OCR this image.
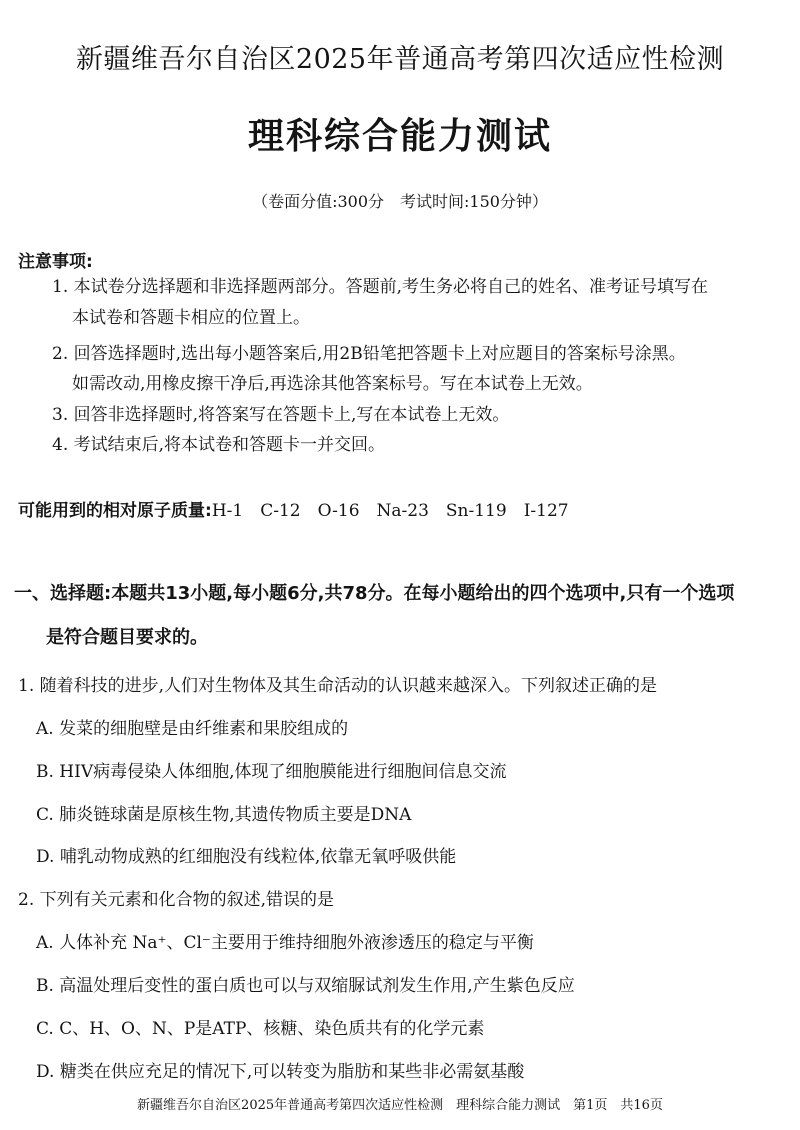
新疆维吾尔自治区2025年普通高考第四次适应性检测
理科综合能力测试
（卷面分值:300分　考试时间:150分钟）
注意事项:
1. 本试卷分选择题和非选择题两部分。答题前,考生务必将自己的姓名、准考证号填写在
本试卷和答题卡相应的位置上。
2. 回答选择题时,选出每小题答案后,用2B铅笔把答题卡上对应题目的答案标号涂黑。
如需改动,用橡皮擦干净后,再选涂其他答案标号。写在本试卷上无效。
3. 回答非选择题时,将答案写在答题卡上,写在本试卷上无效。
4. 考试结束后,将本试卷和答题卡一并交回。
可能用到的相对原子质量:H-1　C-12　O-16　Na-23　Sn-119　I-127
一、选择题:本题共13小题,每小题6分,共78分。在每小题给出的四个选项中,只有一个选项
是符合题目要求的。
1. 随着科技的进步,人们对生物体及其生命活动的认识越来越深入。下列叙述正确的是
A. 发菜的细胞壁是由纤维素和果胶组成的
B. HIV病毒侵染人体细胞,体现了细胞膜能进行细胞间信息交流
C. 肺炎链球菌是原核生物,其遗传物质主要是DNA
D. 哺乳动物成熟的红细胞没有线粒体,依靠无氧呼吸供能
2. 下列有关元素和化合物的叙述,错误的是
A. 人体补充 Na⁺、Cl⁻主要用于维持细胞外液渗透压的稳定与平衡
B. 高温处理后变性的蛋白质也可以与双缩脲试剂发生作用,产生紫色反应
C. C、H、O、N、P是ATP、核糖、染色质共有的化学元素
D. 糖类在供应充足的情况下,可以转变为脂肪和某些非必需氨基酸
新疆维吾尔自治区2025年普通高考第四次适应性检测　理科综合能力测试　第1页　共16页
